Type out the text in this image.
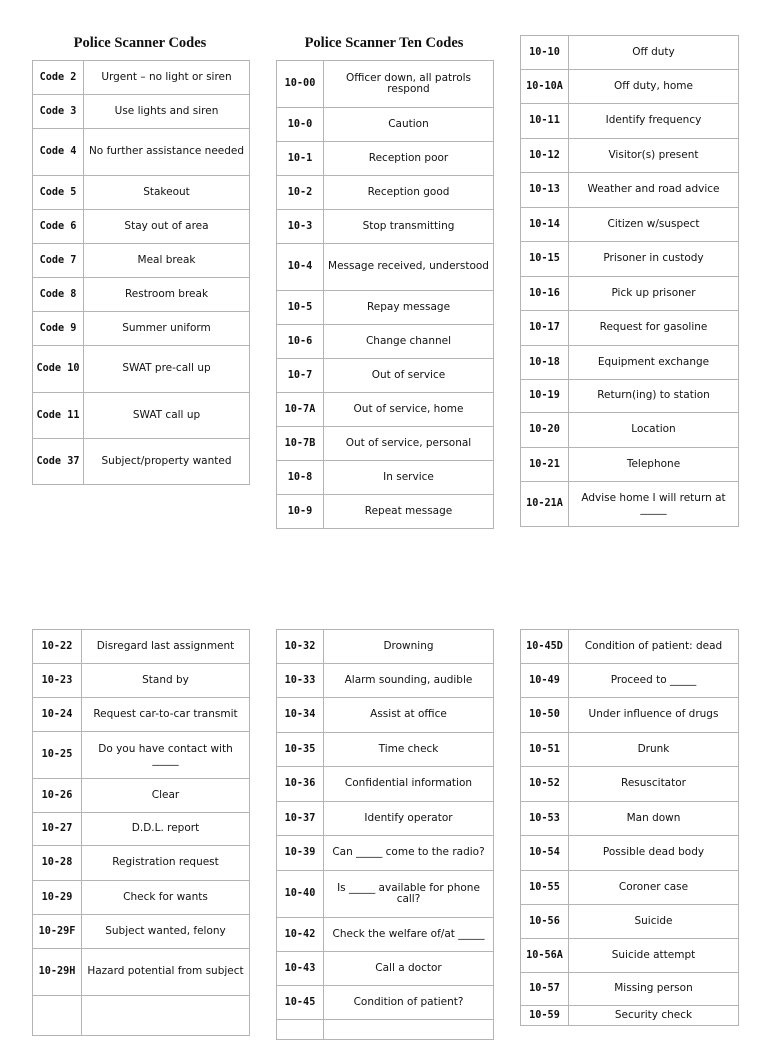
Police Scanner Codes	Police Scanner Ten Codes
Code 2	Urgent – no light or siren
Code 3	Use lights and siren
Code 4	No further assistance needed
Code 5	Stakeout
Code 6	Stay out of area
Code 7	Meal break
Code 8	Restroom break
Code 9	Summer uniform
Code 10	SWAT pre-call up
Code 11	SWAT call up
Code 37	Subject/property wanted
10-00	Officer down, all patrols respond
10-0	Caution
10-1	Reception poor
10-2	Reception good
10-3	Stop transmitting
10-4	Message received, understood
10-5	Repay message
10-6	Change channel
10-7	Out of service
10-7A	Out of service, home
10-7B	Out of service, personal
10-8	In service
10-9	Repeat message
10-10	Off duty
10-10A	Off duty, home
10-11	Identify frequency
10-12	Visitor(s) present
10-13	Weather and road advice
10-14	Citizen w/suspect
10-15	Prisoner in custody
10-16	Pick up prisoner
10-17	Request for gasoline
10-18	Equipment exchange
10-19	Return(ing) to station
10-20	Location
10-21	Telephone
10-21A	Advise home I will return at _____
10-22	Disregard last assignment
10-23	Stand by
10-24	Request car-to-car transmit
10-25	Do you have contact with _____
10-26	Clear
10-27	D.D.L. report
10-28	Registration request
10-29	Check for wants
10-29F	Subject wanted, felony
10-29H	Hazard potential from subject

10-32	Drowning
10-33	Alarm sounding, audible
10-34	Assist at office
10-35	Time check
10-36	Confidential information
10-37	Identify operator
10-39	Can _____ come to the radio?
10-40	Is _____ available for phone call?
10-42	Check the welfare of/at _____
10-43	Call a doctor
10-45	Condition of patient?

10-45D	Condition of patient: dead
10-49	Proceed to _____
10-50	Under influence of drugs
10-51	Drunk
10-52	Resuscitator
10-53	Man down
10-54	Possible dead body
10-55	Coroner case
10-56	Suicide
10-56A	Suicide attempt
10-57	Missing person
10-59	Security check
